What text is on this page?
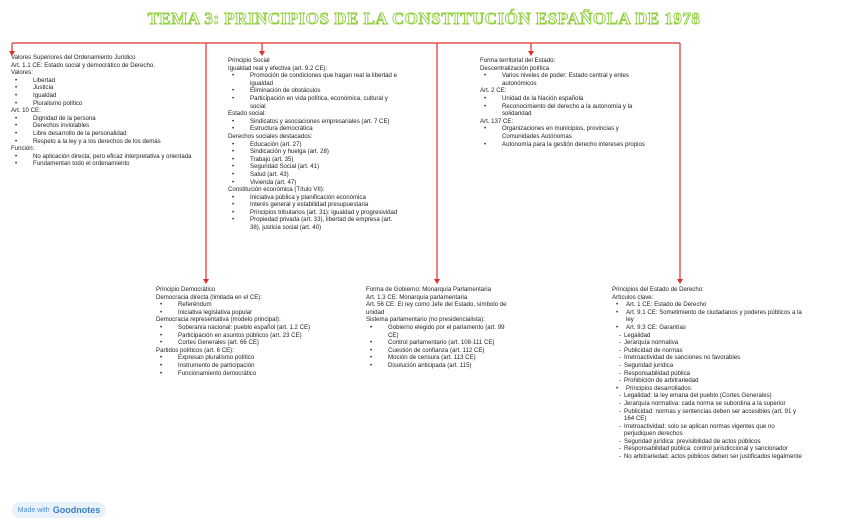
TEMA 3: PRINCIPIOS DE LA CONSTITUCIÓN ESPAÑOLA DE 1978
Valores Superiores del Ordenamiento Jurídico
Art. 1.1 CE: Estado social y democrático de Derecho.
Valores:
• Libertad
• Justicia
• Igualdad
• Pluralismo político
Art. 10 CE:
• Dignidad de la persona
• Derechos inviolables
• Libre desarrollo de la personalidad
• Respeto a la ley y a los derechos de los demás
Función:
• No aplicación directa, pero eficaz interpretativa y orientada
• Fundamentan todo el ordenamiento
Principio Social
Igualdad real y efectiva (art. 9.2 CE):
• Promoción de condiciones que hagan real la libertad e igualdad
• Eliminación de obstáculos
• Participación en vida política, económica, cultural y social
Estado social:
• Sindicatos y asociaciones empresariales (art. 7 CE)
• Estructura democrática
Derechos sociales destacados:
• Educación (art. 27)
• Sindicación y huelga (art. 28)
• Trabajo (art. 35)
• Seguridad Social (art. 41)
• Salud (art. 43)
• Vivienda (art. 47)
Constitución económica (Título VII):
• Iniciativa pública y planificación económica
• Interés general y estabilidad presupuestaria
• Principios tributarios (art. 31): igualdad y progresividad
• Propiedad privada (art. 33), libertad de empresa (art. 38), justicia social (art. 40)
Forma territorial del Estado:
Descentralización política
• Varios niveles de poder: Estado central y entes autonómicos
Art. 2 CE:
• Unidad de la Nación española
• Reconocimiento del derecho a la autonomía y la solidaridad
Art. 137 CE:
• Organizaciones en municipios, provincias y Comunidades Autónomas
• Autonomía para la gestión derecho intereses propios
Principio Democrático
Democracia directa (limitada en el CE):
• Referéndum
• Iniciativa legislativa popular
Democracia representativa (modelo principal):
• Soberanía nacional: pueblo español (art. 1.2 CE)
• Participación en asuntos públicos (art. 23 CE)
• Cortes Generales (art. 66 CE)
Partidos políticos (art. 6 CE):
• Expresan pluralismo político
• Instrumento de participación
• Funcionamiento democrático
Forma de Gobierno: Monarquía Parlamentaria
Art. 1.3 CE: Monarquía parlamentaria
Art. 56 CE: El rey como Jefe del Estado, símbolo de unidad
Sistema parlamentario (no presidencialista):
• Gobierno elegido por el parlamento (art. 99 CE)
• Control parlamentario (art. 108-111 CE)
• Cuestión de confianza (art. 112 CE)
• Moción de censura (art. 113 CE)
• Disolución anticipada (art. 115)
Principios del Estado de Derecho:
Artículos clave:
• Art. 1 CE: Estado de Derecho
• Art. 9.1 CE: Sometimiento de ciudadanos y poderes públicos a la ley
• Art. 9.3 CE: Garantías
- Legalidad
- Jerarquía normativa
- Publicidad de normas
- Irretroactividad de sanciones no favorables
- Seguridad jurídica
- Responsabilidad pública
- Prohibición de arbitrariedad
• Principios desarrollados:
- Legalidad: la ley emana del pueblo (Cortes Generales)
- Jerarquía normativa: cada norma se subordina a la superior
- Publicidad: normas y sentencias deben ser accesibles (art. 91 y 164 CE)
- Irretroactividad: solo se aplican normas vigentes que no perjudiquen derechos
- Seguridad jurídica: previsibilidad de actos públicos
- Responsabilidad pública: control jurisdiccional y sancionador
- No arbitrariedad: actos públicos deben ser justificados legalmente
Made with Goodnotes
